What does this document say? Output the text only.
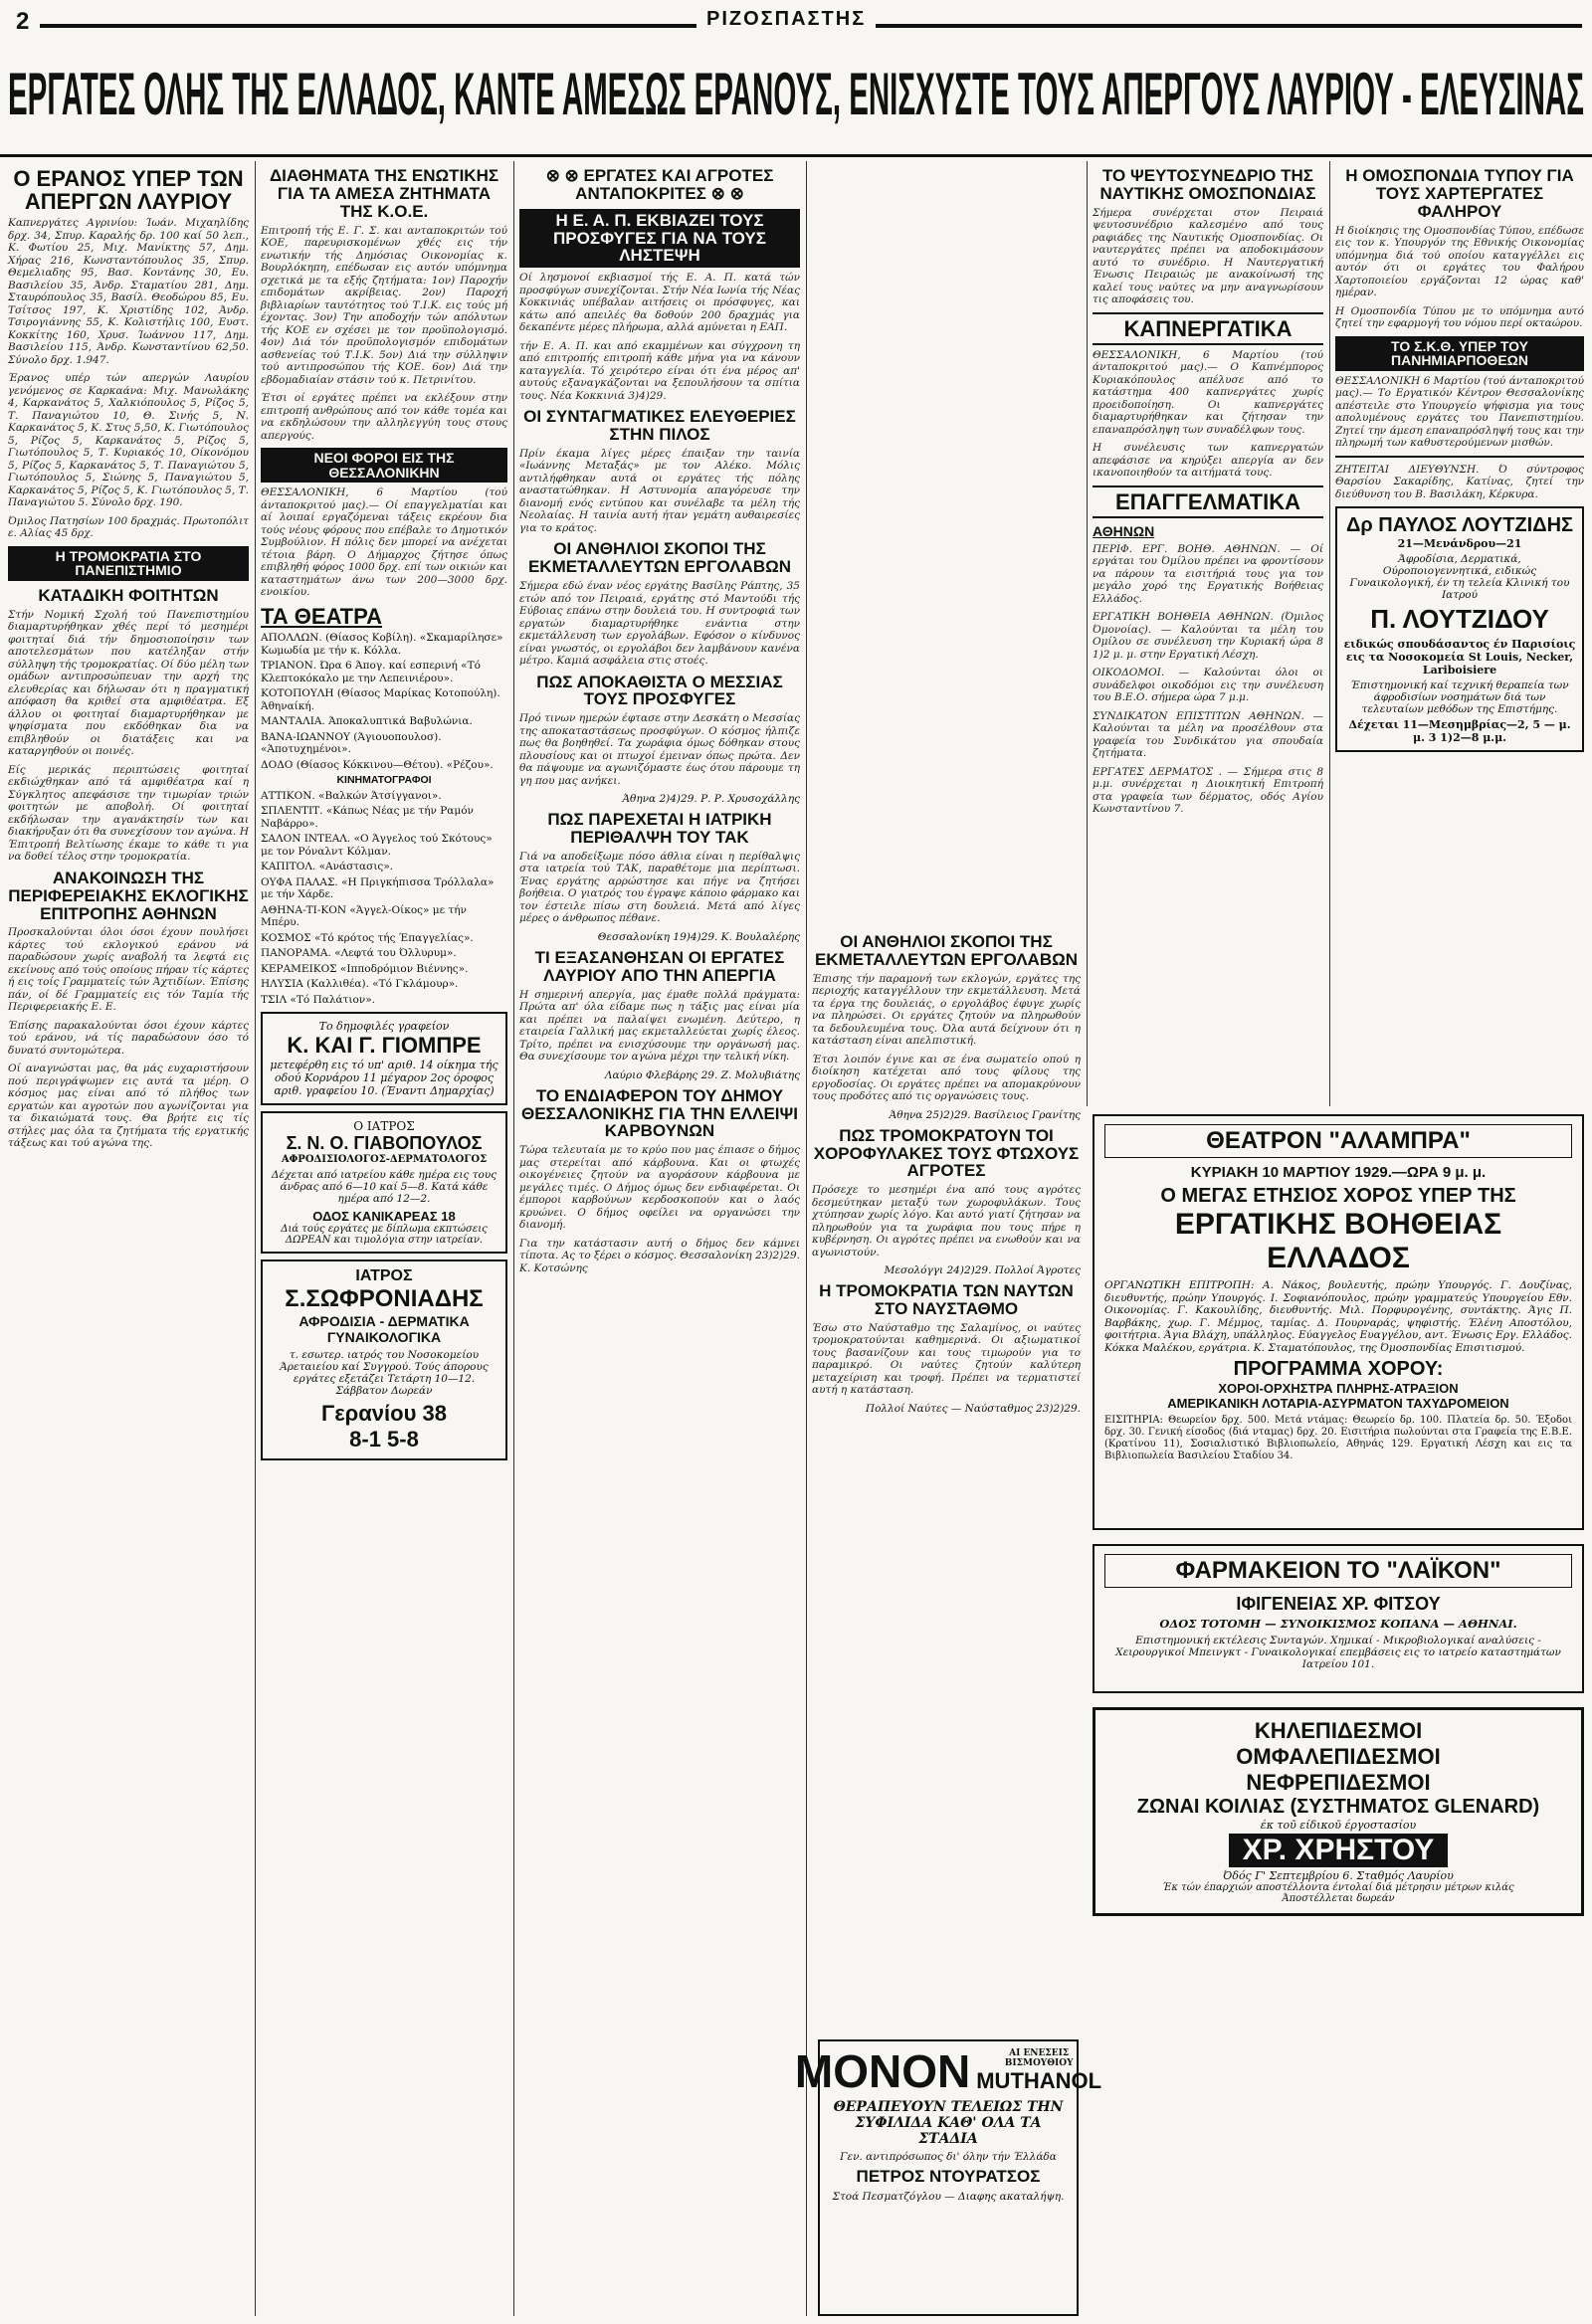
2	ΡΙΖΟΣΠΑΣΤΗΣ
ΕΡΓΑΤΕΣ ΟΛΗΣ ΤΗΣ ΕΛΛΑΔΟΣ, ΚΑΝΤΕ ΑΜΕΣΩΣ ΕΡΑΝΟΥΣ, ΕΝΙΣΧΥΣΤΕ ΤΟΥΣ ΑΠΕΡΓΟΥΣ ΛΑΥΡΙΟΥ - ΕΛΕΥΣΙΝΑΣ
Ο ΕΡΑΝΟΣ ΥΠΕΡ ΤΩΝ ΑΠΕΡΓΩΝ ΛΑΥΡΙΟΥ

Καπνεργάτες Αγρινίου: Ίωάν. Μιχαηλίδης δρχ. 34, Σπυρ. Καραλής δρ. 100 καί 50 λεπ., Κ. Φωτίου 25, Μιχ. Μανίκτης 57, Δημ. Χήρας 216, Κωνσταντόπουλος 35, Σπυρ. Θεμελιαδης 95, Βασ. Κοντάνης 30, Ευ. Βασιλείου 35, Άνδρ. Σταματίου 281, Δημ. Σταυρόπουλος 35, Βασίλ. Θεοδώρου 85, Ευ. Τσίτσος 197, Κ. Χριστίδης 102, Άνδρ. Τσιρογιάννης 55, Κ. Κολιστήλις 100, Ευστ. Κοκκίτης 160, Χρυσ. Ίωάννου 117, Δημ. Βασιλείου 115, Άνδρ. Κωνσταντίνου 62,50. Σύνολο δρχ. 1.947.

Έρανος υπέρ τών απεργών Λαυρίου γενόμενος σε Καρκαάνα: Μιχ. Μανωλάκης 4, Καρκανάτος 5, Χαλκιόπουλος 5, Ρίζος 5, Τ. Παναγιώτου 10, Θ. Σινής 5, Ν. Καρκανάτος 5, Κ. Στυς 5,50, Κ. Γιωτόπουλος 5, Ρίζος 5, Καρκανάτος 5, Ρίζος 5, Γιωτόπουλος 5, Τ. Κυριακός 10, Οίκονόμου 5, Ρίζος 5, Καρκανάτος 5, Τ. Παναγιώτου 5, Γιωτόπουλος 5, Σιώνης 5, Παναγιώτου 5, Καρκανάτος 5, Ρίζος 5, Κ. Γιωτόπουλος 5, Τ. Παναγιώτου 5. Σύνολο δρχ. 190.

Όμιλος Πατησίων 100 δραχμάς. Πρωτοπόλιτ ε. Αλίας 45 δρχ.

Η ΤΡΟΜΟΚΡΑΤΙΑ ΣΤΟ ΠΑΝΕΠΙΣΤΗΜΙΟ
ΚΑΤΑΔΙΚΗ ΦΟΙΤΗΤΩΝ

Στήν Νομική Σχολή τού Πανεπιστημίου διαμαρτυρήθηκαν χθές περί τό μεσημέρι φοιτηταί διά τήν δημοσιοποίησιν των αποτελεσμάτων που κατέληξαν στήν σύλληψη τής τρομοκρατίας. Οί δύο μέλη των ομάδων αντιπροσώπευαν την αρχή της ελευθερίας και δήλωσαν ότι η πραγματική απόφαση θα κριθεί στα αμφιθέατρα. Εξ άλλου οι φοιτηταί διαμαρτυρήθηκαν με ψηφίσματα που εκδόθηκαν δια να επιβληθούν οι διατάξεις και να καταργηθούν οι ποινές.

Είς μερικάς περιπτώσεις φοιτηταί εκδιώχθηκαν από τά αμφιθέατρα καί η Σύγκλητος απεφάσισε την τιμωρίαν τριών φοιτητών με αποβολή. Οί φοιτηταί εκδήλωσαν την αγανάκτησίν των και διακήρυξαν ότι θα συνεχίσουν τον αγώνα. Η Έπιτροπή Βελτίωσης έκαμε το κάθε τι για να δοθεί τέλος στην τρομοκρατία.

ΑΝΑΚΟΙΝΩΣΗ ΤΗΣ ΠΕΡΙΦΕΡΕΙΑΚΗΣ ΕΚΛΟΓΙΚΗΣ ΕΠΙΤΡΟΠΗΣ ΑΘΗΝΩΝ

Προσκαλούνται όλοι όσοι έχουν πουλήσει κάρτες τού εκλογικού εράνου νά παραδώσουν χωρίς αναβολή τα λεφτά εις εκείνους από τούς οποίους πήραν τίς κάρτες ή εις τοίς Γραμματείς τών Άχτιδίων. Έπίσης πάν, οί δέ Γραμματείς εις τόν Ταμία τής Περιφερειακής Ε. Ε.

Έπίσης παρακαλούνται όσοι έχουν κάρτες τού εράνου, νά τίς παραδώσουν όσο τό δυνατό συντομώτερα.

Οί αναγνώσται μας, θα μάς ευχαριστήσουν πού περιγράψωμεν εις αυτά τα μέρη. Ο κόσμος μας είναι από τό πλήθος των εργατών και αγροτών που αγωνίζονται για τα δικαιώματά τους. Θα βρήτε εις τίς στήλες μας όλα τα ζητήματα τής εργατικής τάξεως και τού αγώνα της.

ΔΙΑΘΗΜΑΤΑ ΤΗΣ ΕΝΩΤΙΚΗΣ ΓΙΑ ΤΑ ΑΜΕΣΑ ΖΗΤΗΜΑΤΑ ΤΗΣ Κ.Ο.Ε.

Επιτροπή τής Ε. Γ. Σ. και ανταποκριτών τού ΚΟΕ, παρευρισκομένων χθές εις τήν ενωτικήν τής Δημόσιας Οικονομίας κ. Βουρλόκηπη, επέδωσαν εις αυτόν υπόμνημα σχετικά με τα εξής ζητήματα: 1ον) Παροχήν επιδομάτων ακρίβειας. 2ον) Παροχή βιβλιαρίων ταυτότητος τού Τ.Ι.Κ. εις τούς μή έχοντας. 3ον) Την αποδοχήν τών απόλυτων τής ΚΟΕ εν σχέσει με τον προϋπολογισμό. 4ον) Διά τόν προϋπολογισμόν επιδομάτων ασθενείας τού Τ.Ι.Κ. 5ον) Διά την σύλληψιν τού αντιπροσώπου τής ΚΟΕ. 6ον) Διά την εβδομαδιαίαν στάσιν τού κ. Πετρινίτου.

Έτσι οί εργάτες πρέπει να εκλέξουν στην επιτροπή ανθρώπους από τον κάθε τομέα και να εκδηλώσουν την αλληλεγγύη τους στους απεργούς.

ΝΕΟΙ ΦΟΡΟΙ ΕΙΣ ΤΗΣ ΘΕΣΣΑΛΟΝΙΚΗΝ

ΘΕΣΣΑΛΟΝΙΚΗ, 6 Μαρτίου (τού άνταποκριτού μας).— Οί επαγγελματίαι και αί λοιπαί εργαζόμεναι τάξεις εκρέουν δια τούς νέους φόρους που επέβαλε το Δημοτικόν Συμβούλιον. Η πόλις δεν μπορεί να ανέχεται τέτοια βάρη. Ο Δήμαρχος ζήτησε όπως επιβληθή φόρος 1000 δρχ. επί των οικιών και καταστημάτων άνω των 200—3000 δρχ. ενοικίου.

ΤΑ ΘΕΑΤΡΑ
ΑΠΟΛΛΩΝ. (Θίασος Κοβίλη). «Σκαμαρίλησε» Κωμωδία με τήν κ. Κόλλα.
ΤΡΙΑΝΟΝ. Ώρα 6 Άπογ. καί εσπερινή «Τό Κλεπτοκόκαλο με την Λεπεινιέρου».
ΚΟΤΟΠΟΥΛΗ (Θίασος Μαρίκας Κοτοπούλη). Άθηναίκή.
ΜΑΝΤΑΛΙΑ. Άποκαλυπτικά Βαβυλώνια.
ΒΑΝΑ-ΙΩΑΝΝΟΥ (Άγιουοπουλοσ). «Άποτυχημένοι».
ΔΟΔΟ (Θίασος Κόκκινου—Θέτου). «Ρέζου».
ΚΙΝΗΜΑΤΟΓΡΑΦΟΙ
ΑΤΤΙΚΟΝ. «Βαλκών Άτσίγγανοι».
ΣΠΛΕΝΤΙΤ. «Κάπως Νέας με τήν Ραμόν Ναβάρρο».
ΣΑΛΟΝ ΙΝΤΕΑΛ. «Ο Άγγελος τού Σκότους» με τον Ρόναλντ Κόλμαν.
ΚΑΠΙΤΟΛ. «Ανάστασις».
ΟΥΦΑ ΠΑΛΑΣ. «Η Πριγκήπισσα Τρόλλαλα» με τήν Χάρδε.
ΑΘΗΝΑ-ΤΙ-ΚΟΝ «Άγγελ-Οίκος» με τήν Μπέρυ.
ΚΟΣΜΟΣ «Τό κρότος τής Έπαγγελίας».
ΠΑΝΟΡΑΜΑ. «Λεφτά του Όλλυρυμ».
ΚΕΡΑΜΕΙΚΟΣ «Ιπποδρόμιον Βιέννης».
ΗΛΥΣΙΑ (Καλλιθέα). «Τό Γκλάμουρ».
ΤΣΙΛ «Τό Παλάτιον».
Το δημοφιλές γραφείον
Κ. ΚΑΙ Γ. ΓΙΟΜΠΡΕ
μετεφέρθη εις τό υπ' αριθ. 14 οίκημα τής οδού Κορνάρου 11 μέγαρον 2ος όροφος αριθ. γραφείου 10. (Έναντι Δημαρχίας)
Ο ΙΑΤΡΟΣ
Σ. Ν. Ο. ΓΙΑΒΟΠΟΥΛΟΣ
ΑΦΡΟΔΙΣΙΟΛΟΓΟΣ-ΔΕΡΜΑΤΟΛΟΓΟΣ
Δέχεται από ιατρείου κάθε ημέρα εις τους άνδρας από 6—10 καί 5—8. Κατά κάθε ημέρα από 12—2.
ΟΔΟΣ ΚΑΝΙΚΑΡΕΑΣ 18
Διά τούς εργάτες με δίπλωμα εκπτώσεις ΔΩΡΕΑΝ και τιμολόγια στην ιατρείαν.
ΙΑΤΡΟΣ
Σ.ΣΩΦΡΟΝΙΑΔΗΣ
ΑΦΡΟΔΙΣΙΑ - ΔΕΡΜΑΤΙΚΑ ΓΥΝΑΙΚΟΛΟΓΙΚΑ
τ. εσωτερ. ιατρός του Νοσοκομείου Άρεταιείου καί Συγγρού. Τούς άπορους εργάτες εξετάζει Τετάρτη 10—12. Σάββατον Δωρεάν
Γερανίου 38
8-1 5-8
⊗ ⊗ ΕΡΓΑΤΕΣ ΚΑΙ ΑΓΡΟΤΕΣ ΑΝΤΑΠΟΚΡΙΤΕΣ ⊗ ⊗
Η Ε. Α. Π. ΕΚΒΙΑΖΕΙ ΤΟΥΣ ΠΡΟΣΦΥΓΕΣ ΓΙΑ ΝΑ ΤΟΥΣ ΛΗΣΤΕΨΗ

Οί λησμονοί εκβιασμοί τής Ε. Α. Π. κατά τών προσφύγων συνεχίζονται. Στήν Νέα Ιωνία τής Νέας Κοκκινιάς υπέβαλαν αιτήσεις οι πρόσφυγες, και κάτω από απειλές θα δοθούν 200 δραχμάς για δεκαπέντε μέρες πλήρωμα, αλλά αμύνεται η ΕΑΠ.

τήν Ε. Α. Π. και από εκαμμένων και σύγχρονη τη από επιτροπής επιτροπή κάθε μήνα για να κάνουν καταγγελία. Τό χειρότερο είναι ότι ένα μέρος απ' αυτούς εξαναγκάζονται να ξεπουλήσουν τα σπίτια τους. Νέα Κοκκινιά 3)4)29.

ΟΙ ΣΥΝΤΑΓΜΑΤΙΚΕΣ ΕΛΕΥΘΕΡΙΕΣ ΣΤΗΝ ΠΙΛΟΣ

Πρίν έκαμα λίγες μέρες έπαιξαν την ταινία «Ιωάννης Μεταξάς» με τον Αλέκο. Μόλις αντιλήφθηκαν αυτά οι εργάτες τής πόλης αναστατώθηκαν. Η Αστυνομία απαγόρευσε την διανομή ενός εντύπου και συνέλαβε τα μέλη τής Νεολαίας. Η ταινία αυτή ήταν γεμάτη αυθαιρεσίες για το κράτος.

ΟΙ ΑΝΘΗΛΙΟΙ ΣΚΟΠΟΙ ΤΗΣ ΕΚΜΕΤΑΛΛΕΥΤΩΝ ΕΡΓΟΛΑΒΩΝ

Σήμερα εδώ έναν νέος εργάτης Βασίλης Ράπτης, 35 ετών από τον Πειραιά, εργάτης στό Μαντούδι τής Εύβοιας επάνω στην δουλειά του. Η συντροφιά των εργατών διαμαρτυρήθηκε ενάντια στην εκμετάλλευση των εργολάβων. Εφόσον ο κίνδυνος είναι γνωστός, οι εργολάβοι δεν λαμβάνουν κανένα μέτρο. Καμιά ασφάλεια στις στοές.

ΠΩΣ ΑΠΟΚΑΘΙΣΤΑ Ο ΜΕΣΣΙΑΣ ΤΟΥΣ ΠΡΟΣΦΥΓΕΣ

Πρό τινων ημερών έφτασε στην Δεσκάτη ο Μεσσίας της αποκαταστάσεως προσφύγων. Ο κόσμος ήλπιζε πως θα βοηθηθεί. Τα χωράφια όμως δόθηκαν στους πλουσίους και οι πτωχοί έμειναν όπως πρώτα. Δεν θα πάψουμε να αγωνιζόμαστε έως ότου πάρουμε τη γη που μας ανήκει.

Άθηνα 2)4)29. Ρ. Ρ. Χρυσοχάλλης
ΠΩΣ ΠΑΡΕΧΕΤΑΙ Η ΙΑΤΡΙΚΗ ΠΕΡΙΘΑΛΨΗ ΤΟΥ ΤΑΚ

Γιά να αποδείξωμε πόσο άθλια είναι η περίθαλψις στα ιατρεία τού ΤΑΚ, παραθέτομε μια περίπτωσι. Ένας εργάτης αρρώστησε και πήγε να ζητήσει βοήθεια. Ο γιατρός του έγραψε κάποιο φάρμακο και τον έστειλε πίσω στη δουλειά. Μετά από λίγες μέρες ο άνθρωπος πέθανε.

Θεσσαλονίκη 19)4)29. Κ. Βουλαλέρης
ΤΙ ΕΞΑΣΑΝΘΗΣΑΝ ΟΙ ΕΡΓΑΤΕΣ ΛΑΥΡΙΟΥ ΑΠΟ ΤΗΝ ΑΠΕΡΓΙΑ

Η σημερινή απεργία, μας έμαθε πολλά πράγματα: Πρώτα απ' όλα είδαμε πως η τάξις μας είναι μία και πρέπει να παλαίψει ενωμένη. Δεύτερο, η εταιρεία Γαλλική μας εκμεταλλεύεται χωρίς έλεος. Τρίτο, πρέπει να ενισχύσουμε την οργάνωσή μας. Θα συνεχίσουμε τον αγώνα μέχρι την τελική νίκη.

Λαύριο Φλεβάρης 29. Ζ. Μολυβιάτης
ΤΟ ΕΝΔΙΑΦΕΡΟΝ ΤΟΥ ΔΗΜΟΥ ΘΕΣΣΑΛΟΝΙΚΗΣ ΓΙΑ ΤΗΝ ΕΛΛΕΙΨΙ ΚΑΡΒΟΥΝΩΝ

Τώρα τελευταία με το κρύο που μας έπιασε ο δήμος μας στερείται από κάρβουνα. Και οι φτωχές οικογένειες ζητούν να αγοράσουν κάρβουνα με μεγάλες τιμές. Ο Δήμος όμως δεν ενδιαφέρεται. Οι έμποροι καρβούνων κερδοσκοπούν και ο λαός κρυώνει. Ο δήμος οφείλει να οργανώσει την διανομή.

Για την κατάστασιν αυτή ο δήμος δεν κάμνει τίποτα. Ας το ξέρει ο κόσμος. Θεσσαλονίκη 23)2)29. Κ. Κοτσώνης

ΟΙ ΑΝΘΗΛΙΟΙ ΣΚΟΠΟΙ ΤΗΣ ΕΚΜΕΤΑΛΛΕΥΤΩΝ ΕΡΓΟΛΑΒΩΝ

Έπισης τήν παραμονή των εκλογών, εργάτες της περιοχής καταγγέλλουν την εκμετάλλευση. Μετά τα έργα της δουλειάς, ο εργολάβος έφυγε χωρίς να πληρώσει. Οι εργάτες ζητούν να πληρωθούν τα δεδουλευμένα τους. Όλα αυτά δείχνουν ότι η κατάσταση είναι απελπιστική.

Έτσι λοιπόν έγινε και σε ένα σωματείο οπού η διοίκηση κατέχεται από τους φίλους της εργοδοσίας. Οι εργάτες πρέπει να απομακρύνουν τους προδότες από τις οργανώσεις τους.

Άθηνα 25)2)29. Βασίλειος Γρανίτης
ΠΩΣ ΤΡΟΜΟΚΡΑΤΟΥΝ ΤΟΙ ΧΟΡΟΦΥΛΑΚΕΣ ΤΟΥΣ ΦΤΩΧΟΥΣ ΑΓΡΟΤΕΣ

Πρόσεχε το μεσημέρι ένα από τους αγρότες δεσμεύτηκαν μεταξύ των χωροφυλάκων. Τους χτύπησαν χωρίς λόγο. Και αυτό γιατί ζήτησαν να πληρωθούν για τα χωράφια που τους πήρε η κυβέρνηση. Οι αγρότες πρέπει να ενωθούν και να αγωνιστούν.

Μεσολόγγι 24)2)29. Πολλοί Άγροτες
Η ΤΡΟΜΟΚΡΑΤΙΑ ΤΩΝ ΝΑΥΤΩΝ ΣΤΟ ΝΑΥΣΤΑΘΜΟ

Έσω στο Ναύσταθμο της Σαλαμίνος, οι ναύτες τρομοκρατούνται καθημερινά. Οι αξιωματικοί τους βασανίζουν και τους τιμωρούν για το παραμικρό. Οι ναύτες ζητούν καλύτερη μεταχείριση και τροφή. Πρέπει να τερματιστεί αυτή η κατάσταση.

Πολλοί Ναύτες — Ναύσταθμος 23)2)29.
ΜΟΝΟΝ	ΑΙ ΕΝΕΣΕΙΣ ΒΙΣΜΟΥΘΙΟΥ
MUTHANOL
ΘΕΡΑΠΕΥΟΥΝ ΤΕΛΕΙΩΣ ΤΗΝ ΣΥΦΙΛΙΔΑ ΚΑΘ' ΟΛΑ ΤΑ ΣΤΑΔΙΑ
Γεν. αντιπρόσωπος δι' όλην τήν Έλλάδα
ΠΕΤΡΟΣ ΝΤΟΥΡΑΤΣΟΣ
Στοά Πεσματζόγλου — Διαφης ακαταλήψη.
ΤΟ ΨΕΥΤΟΣΥΝΕΔΡΙΟ ΤΗΣ ΝΑΥΤΙΚΗΣ ΟΜΟΣΠΟΝΔΙΑΣ

Σήμερα συνέρχεται στον Πειραιά ψευτοσυνέδριο καλεσμένο από τους ραφιάδες της Ναυτικής Ομοσπονδίας. Οι ναυτεργάτες πρέπει να αποδοκιμάσουν αυτό το συνέδριο. Η Ναυτεργατική Ένωσις Πειραιώς με ανακοίνωσή της καλεί τους ναύτες να μην αναγνωρίσουν τις αποφάσεις του.

ΚΑΠΝΕΡΓΑΤΙΚΑ

ΘΕΣΣΑΛΟΝΙΚΗ, 6 Μαρτίου (τού άνταποκριτού μας).— Ο Καπνέμπορος Κυριακόπουλος απέλυσε από το κατάστημα 400 καπνεργάτες χωρίς προειδοποίηση. Οι καπνεργάτες διαμαρτυρήθηκαν και ζήτησαν την επαναπρόσληψη των συναδέλφων τους.

Η συνέλευσις των καπνεργατών απεφάσισε να κηρύξει απεργία αν δεν ικανοποιηθούν τα αιτήματά τους.

ΕΠΑΓΓΕΛΜΑΤΙΚΑ
ΑΘΗΝΩΝ

ΠΕΡΙΦ. ΕΡΓ. ΒΟΗΘ. ΑΘΗΝΩΝ. — Οί εργάται του Όμίλου πρέπει να φροντίσουν να πάρουν τα εισιτήριά τους για τον μεγάλο χορό της Εργατικής Βοήθειας Ελλάδος.

ΕΡΓΑΤΙΚΗ ΒΟΗΘΕΙΑ ΑΘΗΝΩΝ. (Όμιλος Όμονοίας). — Καλούνται τα μέλη του Ομίλου σε συνέλευση την Κυριακή ώρα 8 1)2 μ. μ. στην Εργατική Λέσχη.

ΟΙΚΟΔΟΜΟΙ. — Καλούνται όλοι οι συνάδελφοι οικοδόμοι εις την συνέλευση του Β.Ε.Ο. σήμερα ώρα 7 μ.μ.

ΣΥΝΔΙΚΑΤΟΝ ΕΠΙΣΤΙΤΩΝ ΑΘΗΝΩΝ. — Καλούνται τα μέλη να προσέλθουν στα γραφεία του Συνδικάτου για σπουδαία ζητήματα.

ΕΡΓΑΤΕΣ ΔΕΡΜΑΤΟΣ . — Σήμερα στις 8 μ.μ. συνέρχεται η Διοικητική Επιτροπή στα γραφεία των δέρματος, οδός Αγίου Κωνσταντίνου 7.

Η ΟΜΟΣΠΟΝΔΙΑ ΤΥΠΟΥ ΓΙΑ ΤΟΥΣ ΧΑΡΤΕΡΓΑΤΕΣ ΦΑΛΗΡΟΥ

Η διοίκησις της Ομοσπονδίας Τύπου, επέδωσε εις τον κ. Υπουργόν της Εθνικής Οικονομίας υπόμνημα διά τού οποίου καταγγέλλει εις αυτόν ότι οι εργάτες του Φαλήρου Χαρτοποιείου εργάζονται 12 ώρας καθ' ημέραν.

Η Ομοσπονδία Τύπου με το υπόμνημα αυτό ζητεί την εφαρμογή του νόμου περί οκταώρου.

ΤΟ Σ.Κ.Θ. ΥΠΕΡ ΤΟΥ ΠΑΝΗΜΙΑΡΠΟΘΕΩΝ

ΘΕΣΣΑΛΟΝΙΚΗ 6 Μαρτίου (τού άνταποκριτού μας).— Το Εργατικόν Κέντρον Θεσσαλονίκης απέστειλε στο Υπουργείο ψήφισμα για τους απολυμένους εργάτες του Πανεπιστημίου. Ζητεί την άμεση επαναπρόσληψή τους και την πληρωμή των καθυστερούμενων μισθών.

ΖΗΤΕΙΤΑΙ ΔΙΕΥΘΥΝΣΗ. Ό σύντροφος Θαρσίου Σακαρίδης, Κατίνας, ζητεί την διεύθυνση του Β. Βασιλάκη, Κέρκυρα.

Δρ ΠΑΥΛΟΣ ΛΟΥΤΖΙΔΗΣ
21—Μενάνδρου—21
Άφροδίσια, Δερματικά, Ούροποιογεννητικά, ειδικώς Γυναικολογική, έν τη τελεία Κλινική του Ιατρού
Π. ΛΟΥΤΖΙΔΟΥ
ειδικώς σπουδάσαντος έν Παρισίοις εις τα Νοσοκομεία St Louis, Necker, Lariboisiere
Έπιστημονική καί τεχνική θεραπεία των άφροδισίων νοσημάτων διά των τελευταίων μεθόδων της Επιστήμης.
Δέχεται 11—Μεσημβρίας—2, 5 — μ. μ. 3 1)2—8 μ.μ.
ΘΕΑΤΡΟΝ "ΑΛΑΜΠΡΑ"
ΚΥΡΙΑΚΗ 10 ΜΑΡΤΙΟΥ 1929.—ΩΡΑ 9 μ. μ.
Ο ΜΕΓΑΣ ΕΤΗΣΙΟΣ ΧΟΡΟΣ ΥΠΕΡ ΤΗΣ
ΕΡΓΑΤΙΚΗΣ ΒΟΗΘΕΙΑΣ ΕΛΛΑΔΟΣ
ΟΡΓΑΝΩΤΙΚΗ ΕΠΙΤΡΟΠΗ: Α. Νάκος, βουλευτής, πρώην Υπουργός. Γ. Δουζίνας, διευθυντής, πρώην Υπουργός. Ι. Σοφιανόπουλος, πρώην γραμματεύς Υπουργείου Εθν. Οικονομίας. Γ. Κακουλίδης, διευθυντής. Μιλ. Πορφυρογένης, συντάκτης. Άγις Π. Βαρβάκης, χωρ. Γ. Μέμμος, ταμίας. Δ. Πουρναράς, ψηφιστής. Έλένη Αποστόλου, φοιτήτρια. Άγια Βλάχη, υπάλληλος. Εύαγγελος Ευαγγέλου, αντ. Ένωσις Εργ. Ελλάδος. Κόκκα Μαλέκου, εργάτρια. Κ. Σταματόπουλος, της Όμοσπονδίας Επισιτισμού.
ΠΡΟΓΡΑΜΜΑ ΧΟΡΟΥ:
ΧΟΡΟΙ-ΟΡΧΗΣΤΡΑ ΠΛΗΡΗΣ-ΑΤΡΑΞΙΟΝ
ΑΜΕΡΙΚΑΝΙΚΗ ΛΟΤΑΡΙΑ-ΑΣΥΡΜΑΤΟΝ ΤΑΧΥΔΡΟΜΕΙΟΝ
ΕΙΣΙΤΗΡΙΑ: Θεωρείον δρχ. 500. Μετά ντάμας: Θεωρείο δρ. 100. Πλατεία δρ. 50. Έξοδοι δρχ. 30. Γενική είσοδος (διά νταμας) δρχ. 20. Εισιτήρια πωλούνται στα Γραφεία της Ε.Β.Ε. (Κρατίνου 11), Σοσιαλιστικό Βιβλιοπωλείο, Αθηνάς 129. Εργατική Λέσχη και εις τα Βιβλιοπωλεία Βασιλείου Σταδίου 34.
ΦΑΡΜΑΚΕΙΟΝ ΤΟ "ΛΑΪΚΟΝ"
ΙΦΙΓΕΝΕΙΑΣ ΧΡ. ΦΙΤΣΟΥ
ΟΔΟΣ ΤΟΤΟΜΗ — ΣΥΝΟΙΚΙΣΜΟΣ ΚΟΠΑΝΑ — ΑΘΗΝΑΙ.
Επιστημονική εκτέλεσις Συνταγών. Χημικαί - Μικροβιολογικαί αναλύσεις - Χειρουργικοί Μπεινγκτ - Γυναικολογικαί επεμβάσεις εις το ιατρείο καταστημάτων Ιατρείου 101.
ΚΗΛΕΠΙΔΕΣΜΟΙ
ΟΜΦΑΛΕΠΙΔΕΣΜΟΙ
ΝΕΦΡΕΠΙΔΕΣΜΟΙ
ΖΩΝΑΙ ΚΟΙΛΙΑΣ (ΣΥΣΤΗΜΑΤΟΣ GLENARD)
έκ τοῦ είδικοῦ έργοστασίου
ΧΡ. ΧΡΗΣΤΟΥ
Όδός Γ' Σεπτεμβρίου 6. Σταθμός Λαυρίου
Έκ τών έπαρχιών αποστέλλοντα έντολαί διά μέτρησιν μέτρων κιλάς
Άποστέλλεται δωρεάν
